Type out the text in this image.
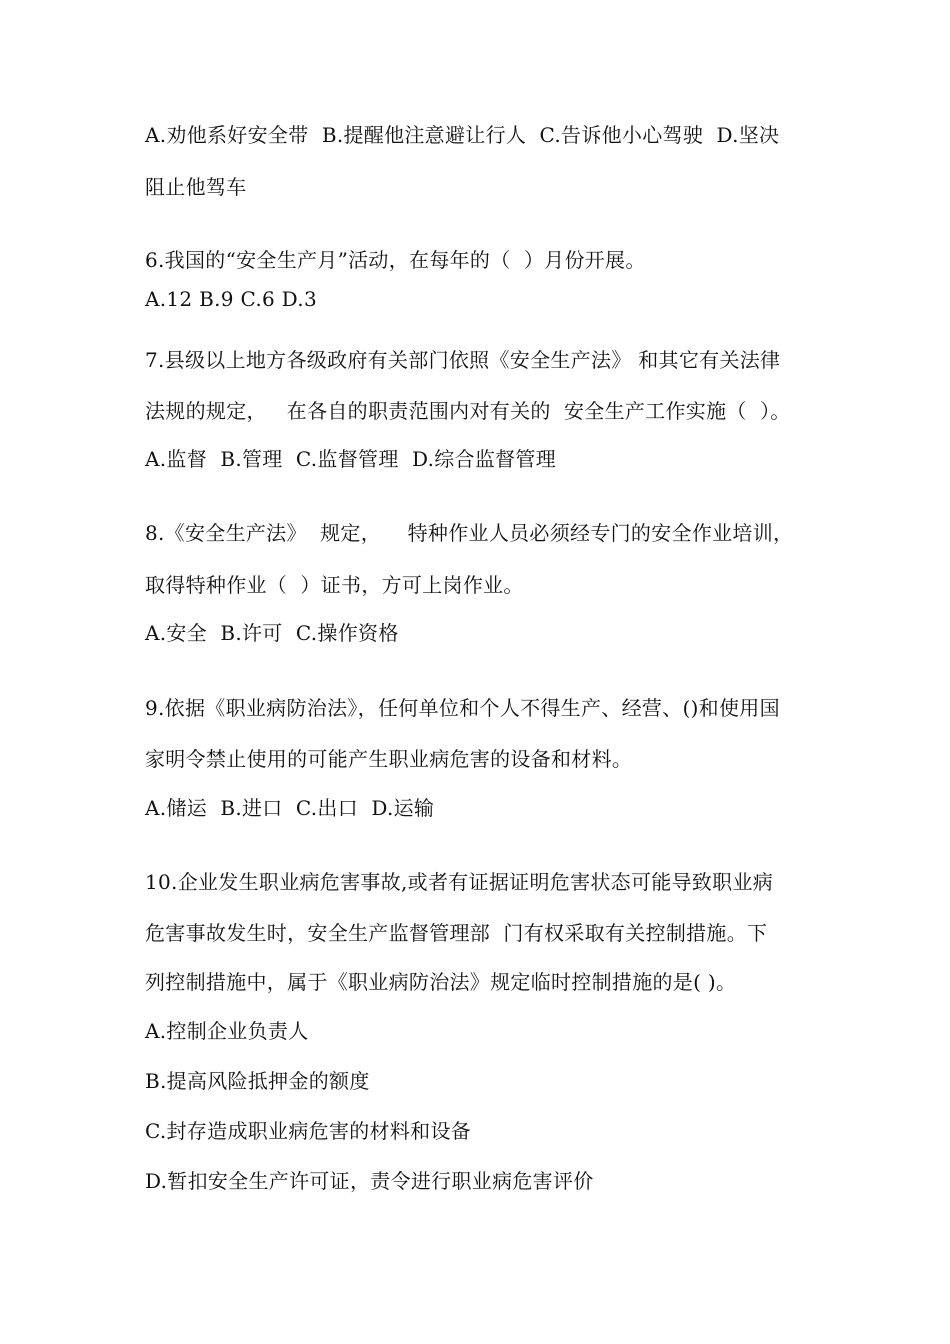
A.劝他系好安全带  B.提醒他注意避让行人  C.告诉他小心驾驶  D.坚决
阻止他驾车
6.我国的“安全生产月”活动，在每年的（  ）月份开展。
A.12 B.9 C.6 D.3
7.县级以上地方各级政府有关部门依照《安全生产法》 和其它有关法律
法规的规定，   在各自的职责范围内对有关的  安全生产工作实施（  ）。
A.监督  B.管理  C.监督管理  D.综合监督管理
8.《安全生产法》  规定，    特种作业人员必须经专门的安全作业培训，
取得特种作业（  ）证书，方可上岗作业。
A.安全  B.许可  C.操作资格
9.依据《职业病防治法》，任何单位和个人不得生产、经营、()和使用国
家明令禁止使用的可能产生职业病危害的设备和材料。
A.储运  B.进口  C.出口  D.运输
10.企业发生职业病危害事故,或者有证据证明危害状态可能导致职业病
危害事故发生时，安全生产监督管理部  门有权采取有关控制措施。下
列控制措施中，属于《职业病防治法》规定临时控制措施的是( )。
A.控制企业负责人
B.提高风险抵押金的额度
C.封存造成职业病危害的材料和设备
D.暂扣安全生产许可证，责令进行职业病危害评价
